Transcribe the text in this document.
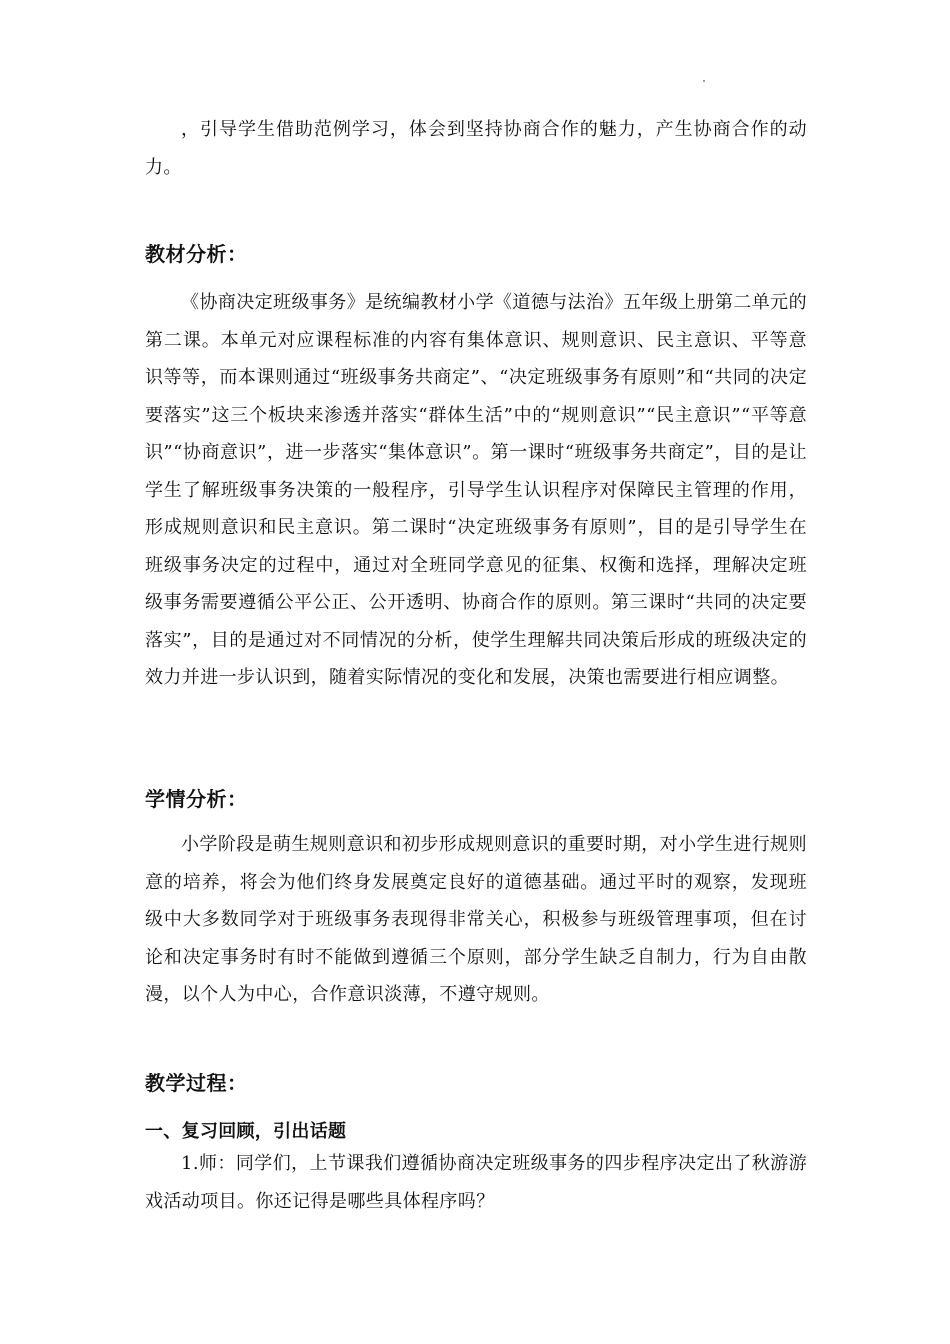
，引导学生借助范例学习，体会到坚持协商合作的魅力，产生协商合作的动力。

教材分析：

《协商决定班级事务》是统编教材小学《道德与法治》五年级上册第二单元的第二课。本单元对应课程标准的内容有集体意识、规则意识、民主意识、平等意识等等，而本课则通过“班级事务共商定”、“决定班级事务有原则”和“共同的决定要落实”这三个板块来渗透并落实“群体生活”中的“规则意识”“民主意识”“平等意识”“协商意识”，进一步落实“集体意识”。第一课时“班级事务共商定”，目的是让学生了解班级事务决策的一般程序，引导学生认识程序对保障民主管理的作用，形成规则意识和民主意识。第二课时“决定班级事务有原则”，目的是引导学生在班级事务决定的过程中，通过对全班同学意见的征集、权衡和选择，理解决定班级事务需要遵循公平公正、公开透明、协商合作的原则。第三课时“共同的决定要落实”，目的是通过对不同情况的分析，使学生理解共同决策后形成的班级决定的效力并进一步认识到，随着实际情况的变化和发展，决策也需要进行相应调整。

学情分析：

小学阶段是萌生规则意识和初步形成规则意识的重要时期，对小学生进行规则意的培养，将会为他们终身发展奠定良好的道德基础。通过平时的观察，发现班级中大多数同学对于班级事务表现得非常关心，积极参与班级管理事项，但在讨论和决定事务时有时不能做到遵循三个原则，部分学生缺乏自制力，行为自由散漫，以个人为中心，合作意识淡薄，不遵守规则。

教学过程：
一、复习回顾，引出话题

1.师：同学们，上节课我们遵循协商决定班级事务的四步程序决定出了秋游游戏活动项目。你还记得是哪些具体程序吗？
